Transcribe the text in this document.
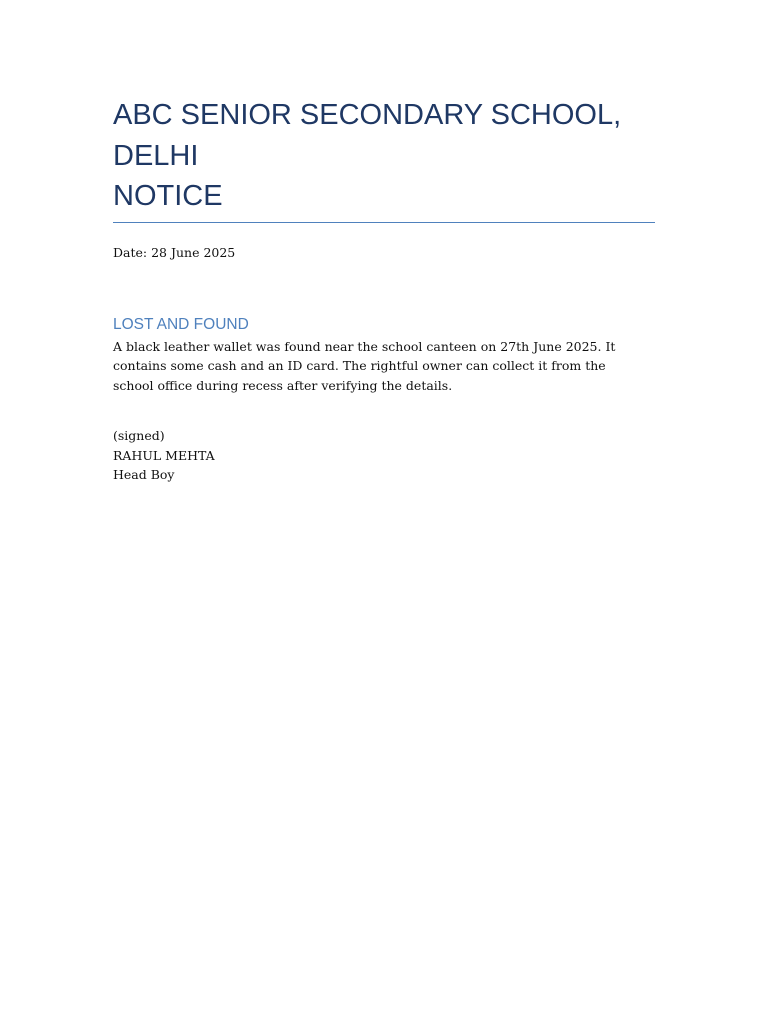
ABC SENIOR SECONDARY SCHOOL,
DELHI
NOTICE
Date: 28 June 2025
LOST AND FOUND
A black leather wallet was found near the school canteen on 27th June 2025. It contains some cash and an ID card. The rightful owner can collect it from the school office during recess after verifying the details.
(signed)
RAHUL MEHTA
Head Boy
